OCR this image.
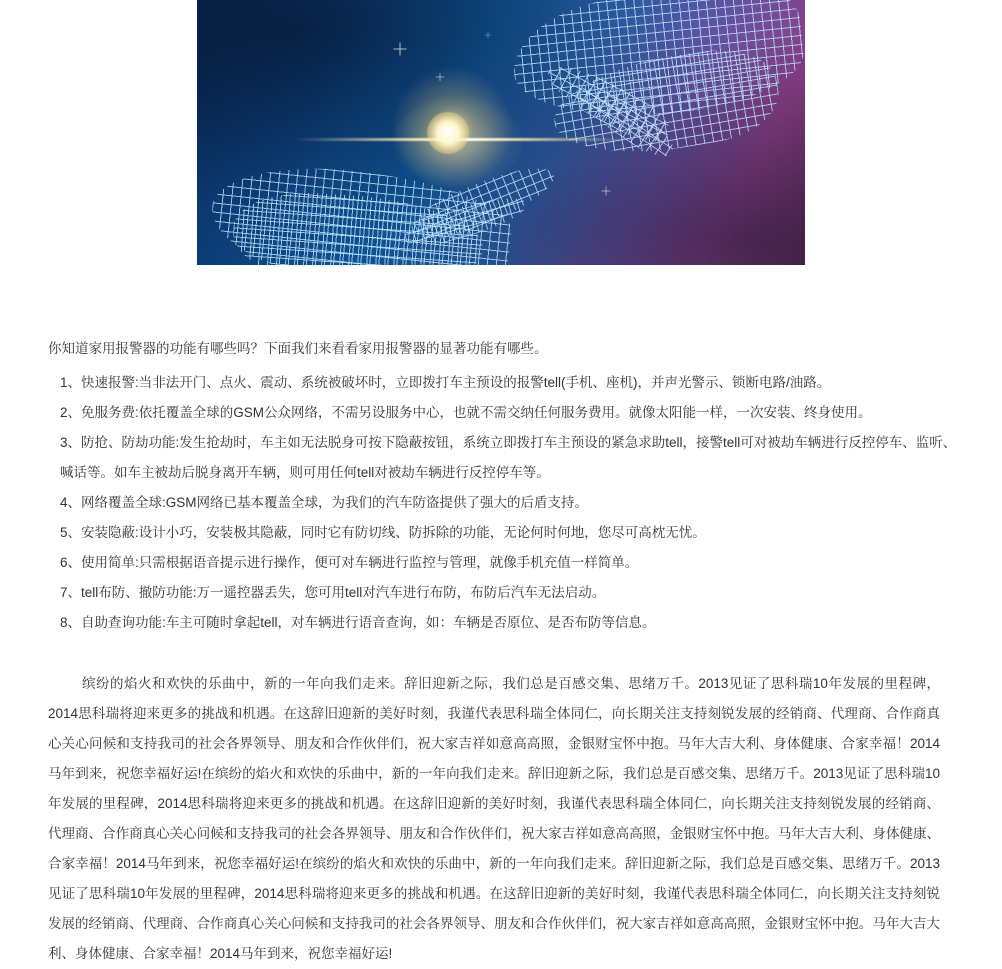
你知道家用报警器的功能有哪些吗？下面我们来看看家用报警器的显著功能有哪些。

1、快速报警:当非法开门、点火、震动、系统被破坏时，立即拨打车主预设的报警tell(手机、座机)，并声光警示、锁断电路/油路。
2、免服务费:依托覆盖全球的GSM公众网络，不需另设服务中心，也就不需交纳任何服务费用。就像太阳能一样，一次安装、终身使用。
3、防抢、防劫功能:发生抢劫时，车主如无法脱身可按下隐蔽按钮，系统立即拨打车主预设的紧急求助tell，接警tell可对被劫车辆进行反控停车、监听、喊话等。如车主被劫后脱身离开车辆，则可用任何tell对被劫车辆进行反控停车等。
4、网络覆盖全球:GSM网络已基本覆盖全球，为我们的汽车防盗提供了强大的后盾支持。
5、安装隐蔽:设计小巧，安装极其隐蔽，同时它有防切线、防拆除的功能，无论何时何地，您尽可高枕无忧。
6、使用简单:只需根据语音提示进行操作，便可对车辆进行监控与管理，就像手机充值一样简单。
7、tell布防、撤防功能:万一遥控器丢失，您可用tell对汽车进行布防，布防后汽车无法启动。
8、自助查询功能:车主可随时拿起tell，对车辆进行语音查询，如：车辆是否原位、是否布防等信息。

缤纷的焰火和欢快的乐曲中，新的一年向我们走来。辞旧迎新之际，我们总是百感交集、思绪万千。2013见证了思科瑞10年发展的里程碑，2014思科瑞将迎来更多的挑战和机遇。在这辞旧迎新的美好时刻，我谨代表思科瑞全体同仁，向长期关注支持刻锐发展的经销商、代理商、合作商真心关心问候和支持我司的社会各界领导、朋友和合作伙伴们，祝大家吉祥如意高高照，金银财宝怀中抱。马年大吉大利、身体健康、合家幸福！2014马年到来，祝您幸福好运!在缤纷的焰火和欢快的乐曲中，新的一年向我们走来。辞旧迎新之际，我们总是百感交集、思绪万千。2013见证了思科瑞10年发展的里程碑，2014思科瑞将迎来更多的挑战和机遇。在这辞旧迎新的美好时刻，我谨代表思科瑞全体同仁，向长期关注支持刻锐发展的经销商、代理商、合作商真心关心问候和支持我司的社会各界领导、朋友和合作伙伴们，祝大家吉祥如意高高照，金银财宝怀中抱。马年大吉大利、身体健康、合家幸福！2014马年到来，祝您幸福好运!在缤纷的焰火和欢快的乐曲中，新的一年向我们走来。辞旧迎新之际，我们总是百感交集、思绪万千。2013见证了思科瑞10年发展的里程碑，2014思科瑞将迎来更多的挑战和机遇。在这辞旧迎新的美好时刻，我谨代表思科瑞全体同仁，向长期关注支持刻锐发展的经销商、代理商、合作商真心关心问候和支持我司的社会各界领导、朋友和合作伙伴们，祝大家吉祥如意高高照，金银财宝怀中抱。马年大吉大利、身体健康、合家幸福！2014马年到来，祝您幸福好运!
